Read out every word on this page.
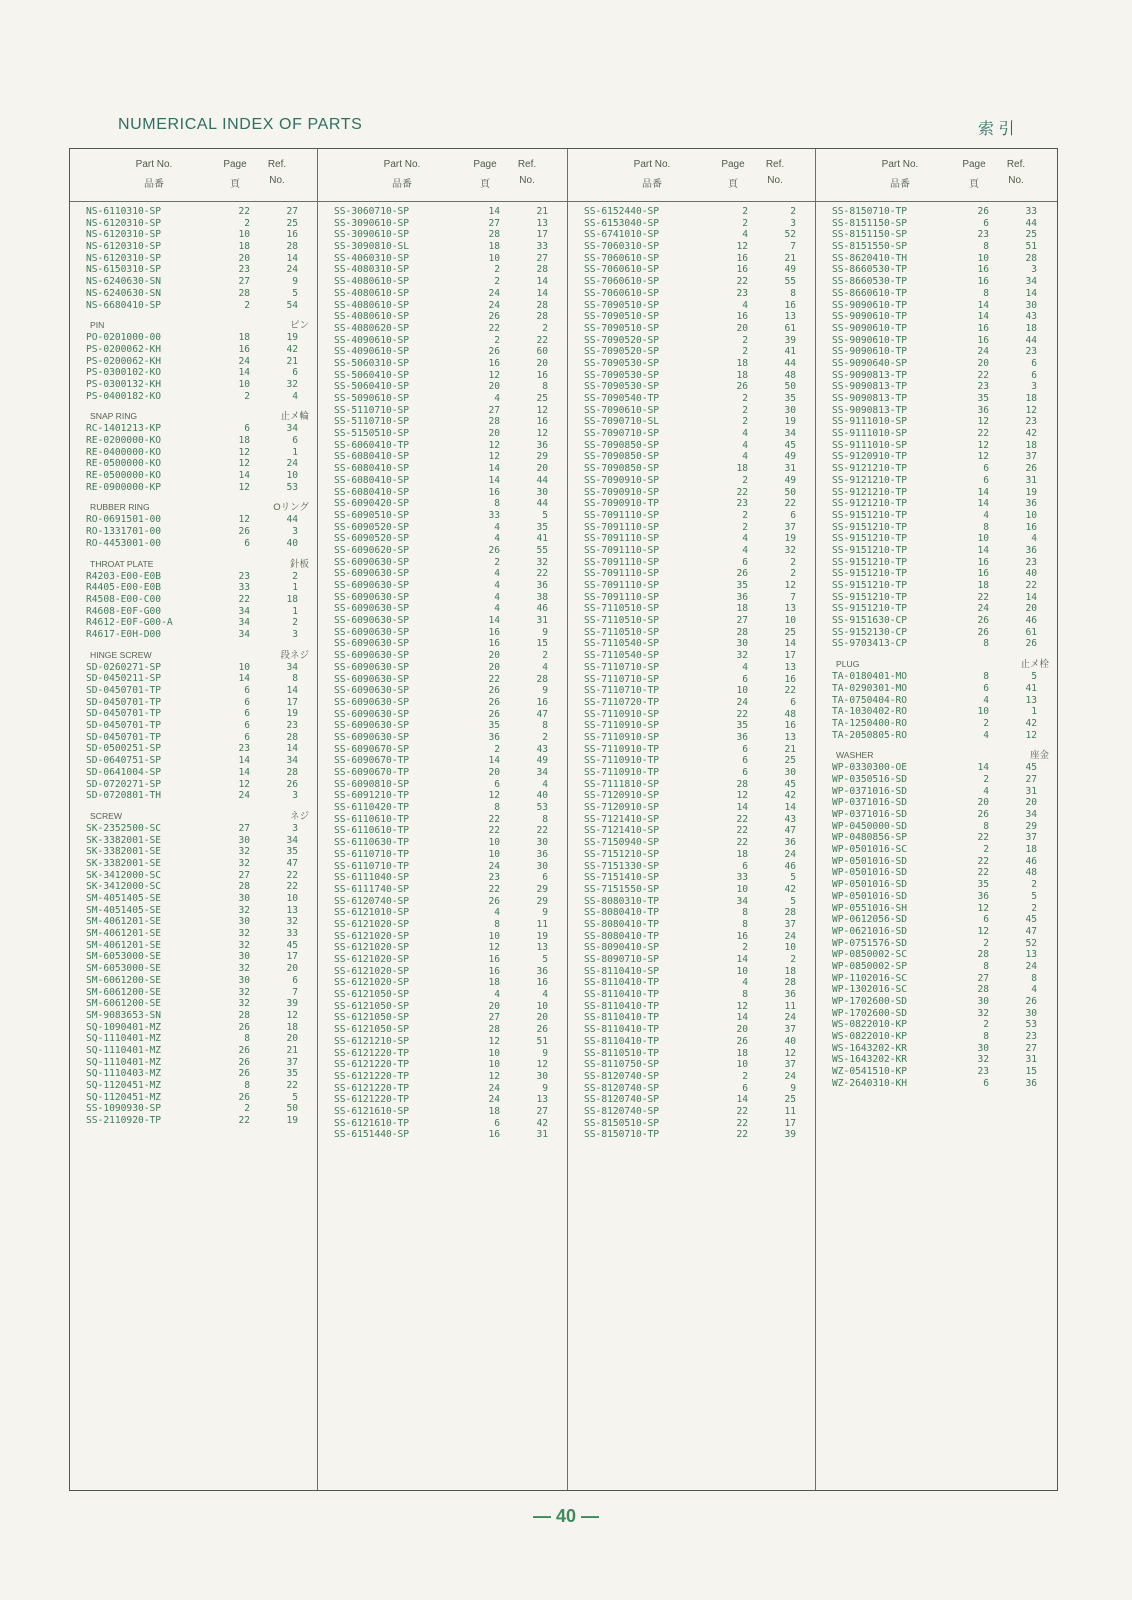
NUMERICAL INDEX OF PARTS	索 引
Part No.
品番
Page
頁
Ref.
No.
NS-6110310-SP	22	27
NS-6120310-SP	2	25
NS-6120310-SP	10	16
NS-6120310-SP	18	28
NS-6120310-SP	20	14
NS-6150310-SP	23	24
NS-6240630-SN	27	9
NS-6240630-SN	28	5
NS-6680410-SP	2	54
PIN	ピン
PO-0201000-00	18	19
PS-0200062-KH	16	42
PS-0200062-KH	24	21
PS-0300102-KO	14	6
PS-0300132-KH	10	32
PS-0400182-KO	2	4
SNAP RING	止メ輪
RC-1401213-KP	6	34
RE-0200000-KO	18	6
RE-0400000-KO	12	1
RE-0500000-KO	12	24
RE-0500000-KO	14	10
RE-0900000-KP	12	53
RUBBER RING	Oリング
RO-0691501-00	12	44
RO-1331701-00	26	3
RO-4453001-00	6	40
THROAT PLATE	針板
R4203-E00-E0B	23	2
R4405-E00-E0B	33	1
R4508-E00-C00	22	18
R4608-E0F-G00	34	1
R4612-E0F-G00-A	34	2
R4617-E0H-D00	34	3
HINGE SCREW	段ネジ
SD-0260271-SP	10	34
SD-0450211-SP	14	8
SD-0450701-TP	6	14
SD-0450701-TP	6	17
SD-0450701-TP	6	19
SD-0450701-TP	6	23
SD-0450701-TP	6	28
SD-0500251-SP	23	14
SD-0640751-SP	14	34
SD-0641004-SP	14	28
SD-0720271-SP	12	26
SD-0720801-TH	24	3
SCREW	ネジ
SK-2352500-SC	27	3
SK-3382001-SE	30	34
SK-3382001-SE	32	35
SK-3382001-SE	32	47
SK-3412000-SC	27	22
SK-3412000-SC	28	22
SM-4051405-SE	30	10
SM-4051405-SE	32	13
SM-4061201-SE	30	32
SM-4061201-SE	32	33
SM-4061201-SE	32	45
SM-6053000-SE	30	17
SM-6053000-SE	32	20
SM-6061200-SE	30	6
SM-6061200-SE	32	7
SM-6061200-SE	32	39
SM-9083653-SN	28	12
SQ-1090401-MZ	26	18
SQ-1110401-MZ	8	20
SQ-1110401-MZ	26	21
SQ-1110401-MZ	26	37
SQ-1110403-MZ	26	35
SQ-1120451-MZ	8	22
SQ-1120451-MZ	26	5
SS-1090930-SP	2	50
SS-2110920-TP	22	19
Part No.
品番
Page
頁
Ref.
No.
SS-3060710-SP	14	21
SS-3090610-SP	27	13
SS-3090610-SP	28	17
SS-3090810-SL	18	33
SS-4060310-SP	10	27
SS-4080310-SP	2	28
SS-4080610-SP	2	14
SS-4080610-SP	24	14
SS-4080610-SP	24	28
SS-4080610-SP	26	28
SS-4080620-SP	22	2
SS-4090610-SP	2	22
SS-4090610-SP	26	60
SS-5060310-SP	16	20
SS-5060410-SP	12	16
SS-5060410-SP	20	8
SS-5090610-SP	4	25
SS-5110710-SP	27	12
SS-5110710-SP	28	16
SS-5150510-SP	20	12
SS-6060410-TP	12	36
SS-6080410-SP	12	29
SS-6080410-SP	14	20
SS-6080410-SP	14	44
SS-6080410-SP	16	30
SS-6090420-SP	8	44
SS-6090510-SP	33	5
SS-6090520-SP	4	35
SS-6090520-SP	4	41
SS-6090620-SP	26	55
SS-6090630-SP	2	32
SS-6090630-SP	4	22
SS-6090630-SP	4	36
SS-6090630-SP	4	38
SS-6090630-SP	4	46
SS-6090630-SP	14	31
SS-6090630-SP	16	9
SS-6090630-SP	16	15
SS-6090630-SP	20	2
SS-6090630-SP	20	4
SS-6090630-SP	22	28
SS-6090630-SP	26	9
SS-6090630-SP	26	16
SS-6090630-SP	26	47
SS-6090630-SP	35	8
SS-6090630-SP	36	2
SS-6090670-SP	2	43
SS-6090670-TP	14	49
SS-6090670-TP	20	34
SS-6090810-SP	6	4
SS-6091210-TP	12	40
SS-6110420-TP	8	53
SS-6110610-TP	22	8
SS-6110610-TP	22	22
SS-6110630-TP	10	30
SS-6110710-TP	10	36
SS-6110710-TP	24	30
SS-6111040-SP	23	6
SS-6111740-SP	22	29
SS-6120740-SP	26	29
SS-6121010-SP	4	9
SS-6121020-SP	8	11
SS-6121020-SP	10	19
SS-6121020-SP	12	13
SS-6121020-SP	16	5
SS-6121020-SP	16	36
SS-6121020-SP	18	16
SS-6121050-SP	4	4
SS-6121050-SP	20	10
SS-6121050-SP	27	20
SS-6121050-SP	28	26
SS-6121210-SP	12	51
SS-6121220-TP	10	9
SS-6121220-TP	10	12
SS-6121220-TP	12	30
SS-6121220-TP	24	9
SS-6121220-TP	24	13
SS-6121610-SP	18	27
SS-6121610-TP	6	42
SS-6151440-SP	16	31
Part No.
品番
Page
頁
Ref.
No.
SS-6152440-SP	2	2
SS-6153040-SP	2	3
SS-6741010-SP	4	52
SS-7060310-SP	12	7
SS-7060610-SP	16	21
SS-7060610-SP	16	49
SS-7060610-SP	22	55
SS-7060610-SP	23	8
SS-7090510-SP	4	16
SS-7090510-SP	16	13
SS-7090510-SP	20	61
SS-7090520-SP	2	39
SS-7090520-SP	2	41
SS-7090530-SP	18	44
SS-7090530-SP	18	48
SS-7090530-SP	26	50
SS-7090540-TP	2	35
SS-7090610-SP	2	30
SS-7090710-SL	2	19
SS-7090710-SP	4	34
SS-7090850-SP	4	45
SS-7090850-SP	4	49
SS-7090850-SP	18	31
SS-7090910-SP	2	49
SS-7090910-SP	22	50
SS-7090910-TP	23	22
SS-7091110-SP	2	6
SS-7091110-SP	2	37
SS-7091110-SP	4	19
SS-7091110-SP	4	32
SS-7091110-SP	6	2
SS-7091110-SP	26	2
SS-7091110-SP	35	12
SS-7091110-SP	36	7
SS-7110510-SP	18	13
SS-7110510-SP	27	10
SS-7110510-SP	28	25
SS-7110540-SP	30	14
SS-7110540-SP	32	17
SS-7110710-SP	4	13
SS-7110710-SP	6	16
SS-7110710-TP	10	22
SS-7110720-TP	24	6
SS-7110910-SP	22	48
SS-7110910-SP	35	16
SS-7110910-SP	36	13
SS-7110910-TP	6	21
SS-7110910-TP	6	25
SS-7110910-TP	6	30
SS-7111810-SP	28	45
SS-7120910-SP	12	42
SS-7120910-SP	14	14
SS-7121410-SP	22	43
SS-7121410-SP	22	47
SS-7150940-SP	22	36
SS-7151210-SP	18	24
SS-7151330-SP	6	46
SS-7151410-SP	33	5
SS-7151550-SP	10	42
SS-8080310-TP	34	5
SS-8080410-TP	8	28
SS-8080410-TP	8	37
SS-8080410-TP	16	24
SS-8090410-SP	2	10
SS-8090710-SP	14	2
SS-8110410-SP	10	18
SS-8110410-TP	4	28
SS-8110410-TP	8	36
SS-8110410-TP	12	11
SS-8110410-TP	14	24
SS-8110410-TP	20	37
SS-8110410-TP	26	40
SS-8110510-TP	18	12
SS-8110750-SP	10	37
SS-8120740-SP	2	24
SS-8120740-SP	6	9
SS-8120740-SP	14	25
SS-8120740-SP	22	11
SS-8150510-SP	22	17
SS-8150710-TP	22	39
Part No.
品番
Page
頁
Ref.
No.
SS-8150710-TP	26	33
SS-8151150-SP	6	44
SS-8151150-SP	23	25
SS-8151550-SP	8	51
SS-8620410-TH	10	28
SS-8660530-TP	16	3
SS-8660530-TP	16	34
SS-8660610-TP	8	14
SS-9090610-TP	14	30
SS-9090610-TP	14	43
SS-9090610-TP	16	18
SS-9090610-TP	16	44
SS-9090610-TP	24	23
SS-9090640-SP	20	6
SS-9090813-TP	22	6
SS-9090813-TP	23	3
SS-9090813-TP	35	18
SS-9090813-TP	36	12
SS-9111010-SP	12	23
SS-9111010-SP	22	42
SS-9111010-SP	12	18
SS-9120910-TP	12	37
SS-9121210-TP	6	26
SS-9121210-TP	6	31
SS-9121210-TP	14	19
SS-9121210-TP	14	36
SS-9151210-TP	4	10
SS-9151210-TP	8	16
SS-9151210-TP	10	4
SS-9151210-TP	14	36
SS-9151210-TP	16	23
SS-9151210-TP	16	40
SS-9151210-TP	18	22
SS-9151210-TP	22	14
SS-9151210-TP	24	20
SS-9151630-CP	26	46
SS-9152130-CP	26	61
SS-9703413-CP	8	26
PLUG	止メ栓
TA-0180401-MO	8	5
TA-0290301-MO	6	41
TA-0750404-RO	4	13
TA-1030402-RO	10	1
TA-1250400-RO	2	42
TA-2050805-RO	4	12
WASHER	座金
WP-0330300-OE	14	45
WP-0350516-SD	2	27
WP-0371016-SD	4	31
WP-0371016-SD	20	20
WP-0371016-SD	26	34
WP-0450000-SD	8	29
WP-0480856-SP	22	37
WP-0501016-SC	2	18
WP-0501016-SD	22	46
WP-0501016-SD	22	48
WP-0501016-SD	35	2
WP-0501016-SD	36	5
WP-0551016-SH	12	2
WP-0612056-SD	6	45
WP-0621016-SD	12	47
WP-0751576-SD	2	52
WP-0850002-SC	28	13
WP-0850002-SP	8	24
WP-1102016-SC	27	8
WP-1302016-SC	28	4
WP-1702600-SD	30	26
WP-1702600-SD	32	30
WS-0822010-KP	2	53
WS-0822010-KP	8	23
WS-1643202-KR	30	27
WS-1643202-KR	32	31
WZ-0541510-KP	23	15
WZ-2640310-KH	6	36
— 40 —
